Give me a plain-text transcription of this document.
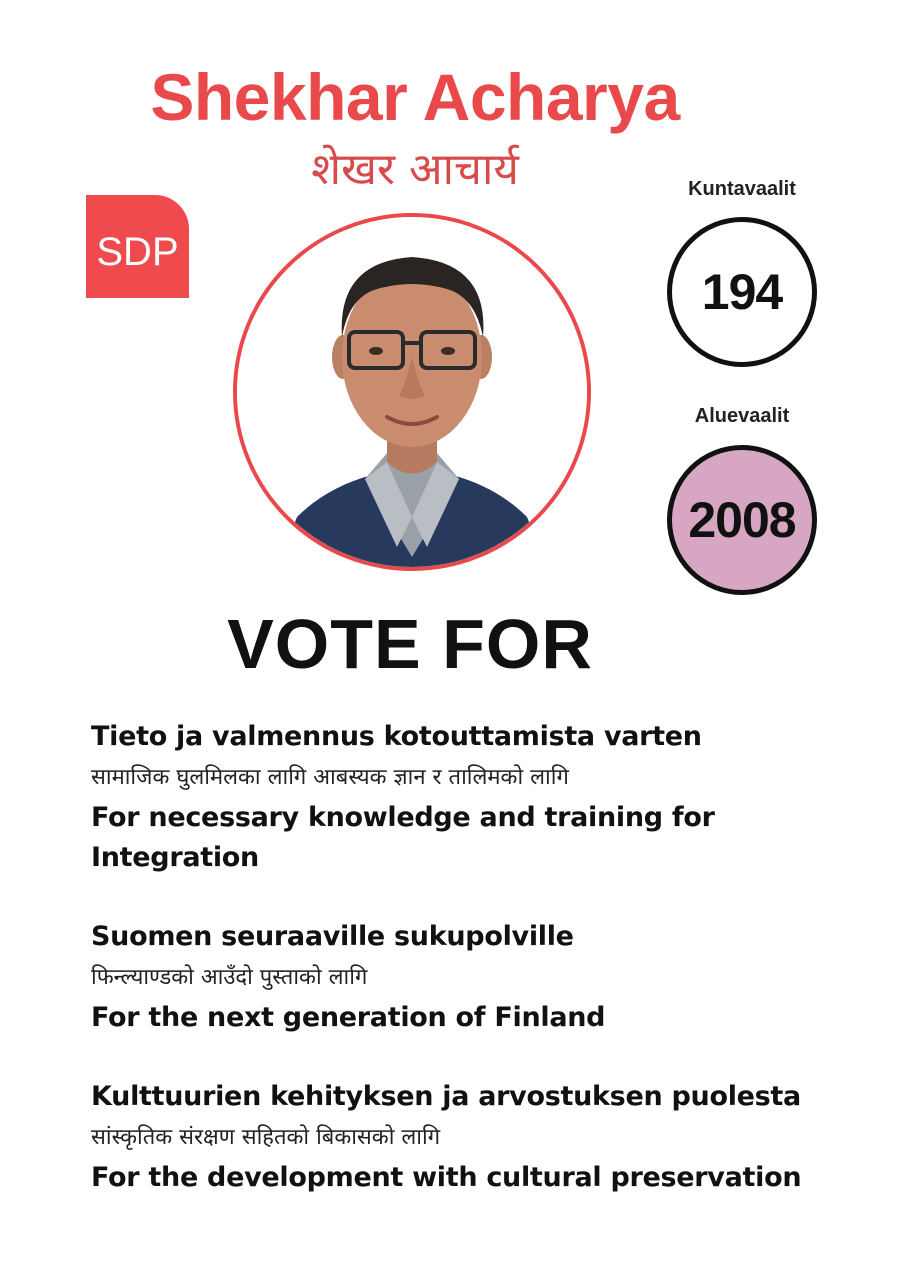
Shekhar Acharya
शेखर आचार्य
SDP
Kuntavaalit
194
Aluevaalit
2008
VOTE FOR
Tieto ja valmennus kotouttamista varten
सामाजिक घुलमिलका लागि आबस्यक ज्ञान र तालिमको लागि
For necessary knowledge and training for Integration
Suomen seuraaville sukupolville
फिन्ल्याण्डको आउँदो पुस्ताको लागि
For the next generation of Finland
Kulttuurien kehityksen ja arvostuksen puolesta
सांस्कृतिक संरक्षण सहितको बिकासको लागि
For the development with cultural preservation
